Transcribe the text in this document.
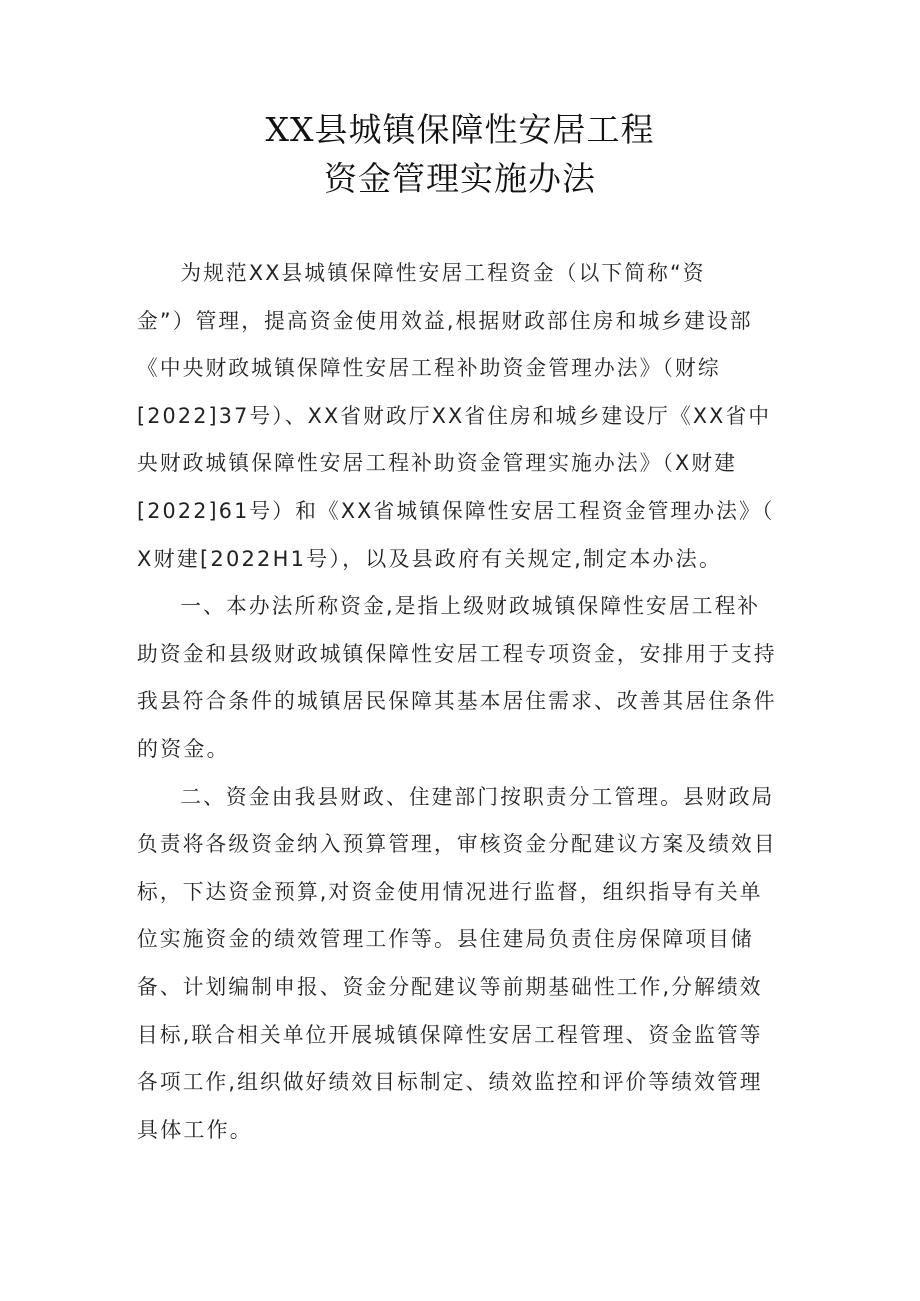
XX县城镇保障性安居工程
资金管理实施办法
为规范XX县城镇保障性安居工程资金（以下简称“资
金”）管理，提高资金使用效益,根据财政部住房和城乡建设部
《中央财政城镇保障性安居工程补助资金管理办法》（财综
[2022]37号）、XX省财政厅XX省住房和城乡建设厅《XX省中
央财政城镇保障性安居工程补助资金管理实施办法》（X财建
[2022]61号）和《XX省城镇保障性安居工程资金管理办法》（
X财建[2022H1号），以及县政府有关规定,制定本办法。
一、本办法所称资金,是指上级财政城镇保障性安居工程补
助资金和县级财政城镇保障性安居工程专项资金，安排用于支持
我县符合条件的城镇居民保障其基本居住需求、改善其居住条件
的资金。
二、资金由我县财政、住建部门按职责分工管理。县财政局
负责将各级资金纳入预算管理，审核资金分配建议方案及绩效目
标，下达资金预算,对资金使用情况进行监督，组织指导有关单
位实施资金的绩效管理工作等。县住建局负责住房保障项目储
备、计划编制申报、资金分配建议等前期基础性工作,分解绩效
目标,联合相关单位开展城镇保障性安居工程管理、资金监管等
各项工作,组织做好绩效目标制定、绩效监控和评价等绩效管理
具体工作。
